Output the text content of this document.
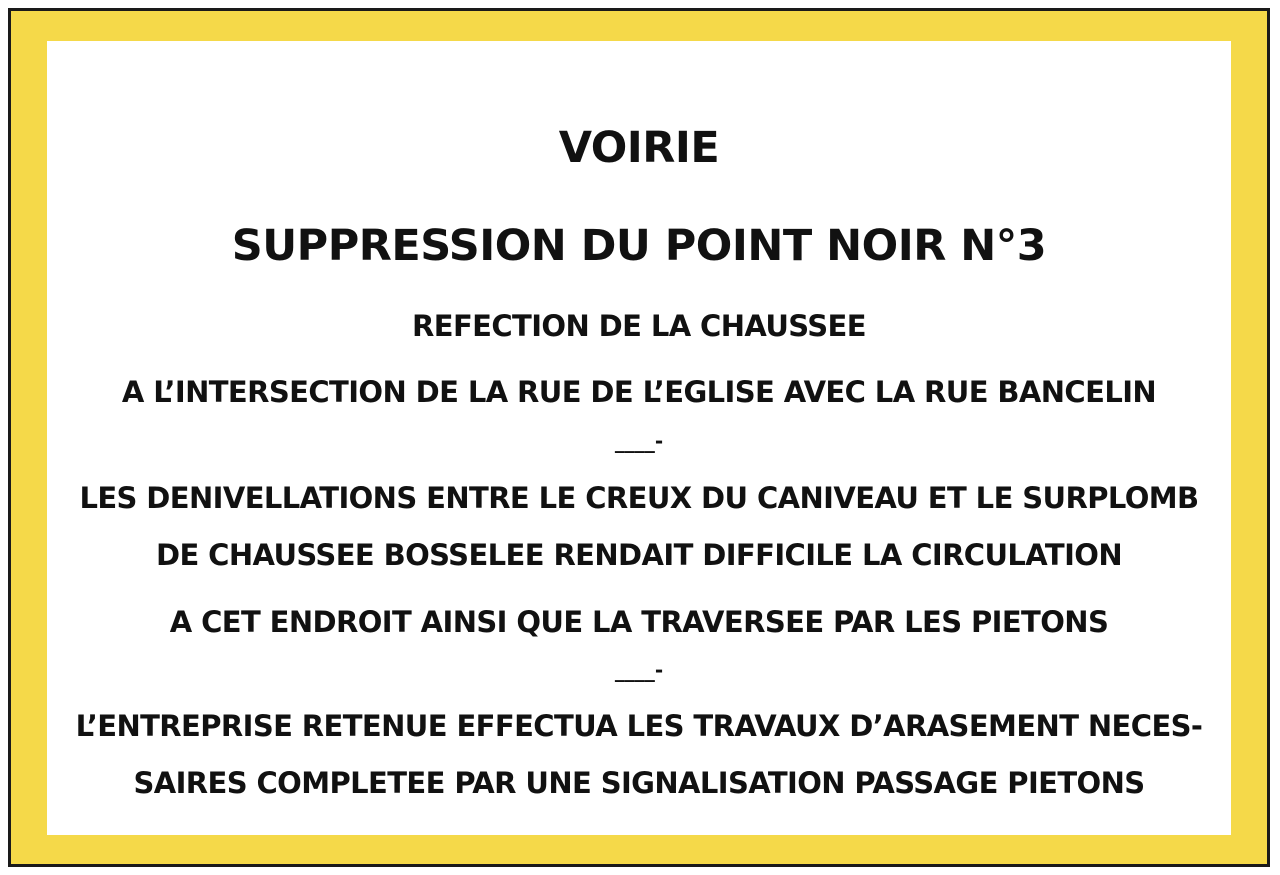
VOIRIE
SUPPRESSION DU POINT NOIR N°3
REFECTION DE LA CHAUSSEE
A L’INTERSECTION DE LA RUE DE L’EGLISE AVEC LA RUE BANCELIN
____-
LES DENIVELLATIONS ENTRE LE CREUX DU CANIVEAU ET LE SURPLOMB
DE CHAUSSEE BOSSELEE RENDAIT DIFFICILE LA CIRCULATION
A CET ENDROIT AINSI QUE LA TRAVERSEE PAR LES PIETONS
____-
L’ENTREPRISE RETENUE EFFECTUA LES TRAVAUX D’ARASEMENT NECES-
SAIRES COMPLETEE PAR UNE SIGNALISATION PASSAGE PIETONS
